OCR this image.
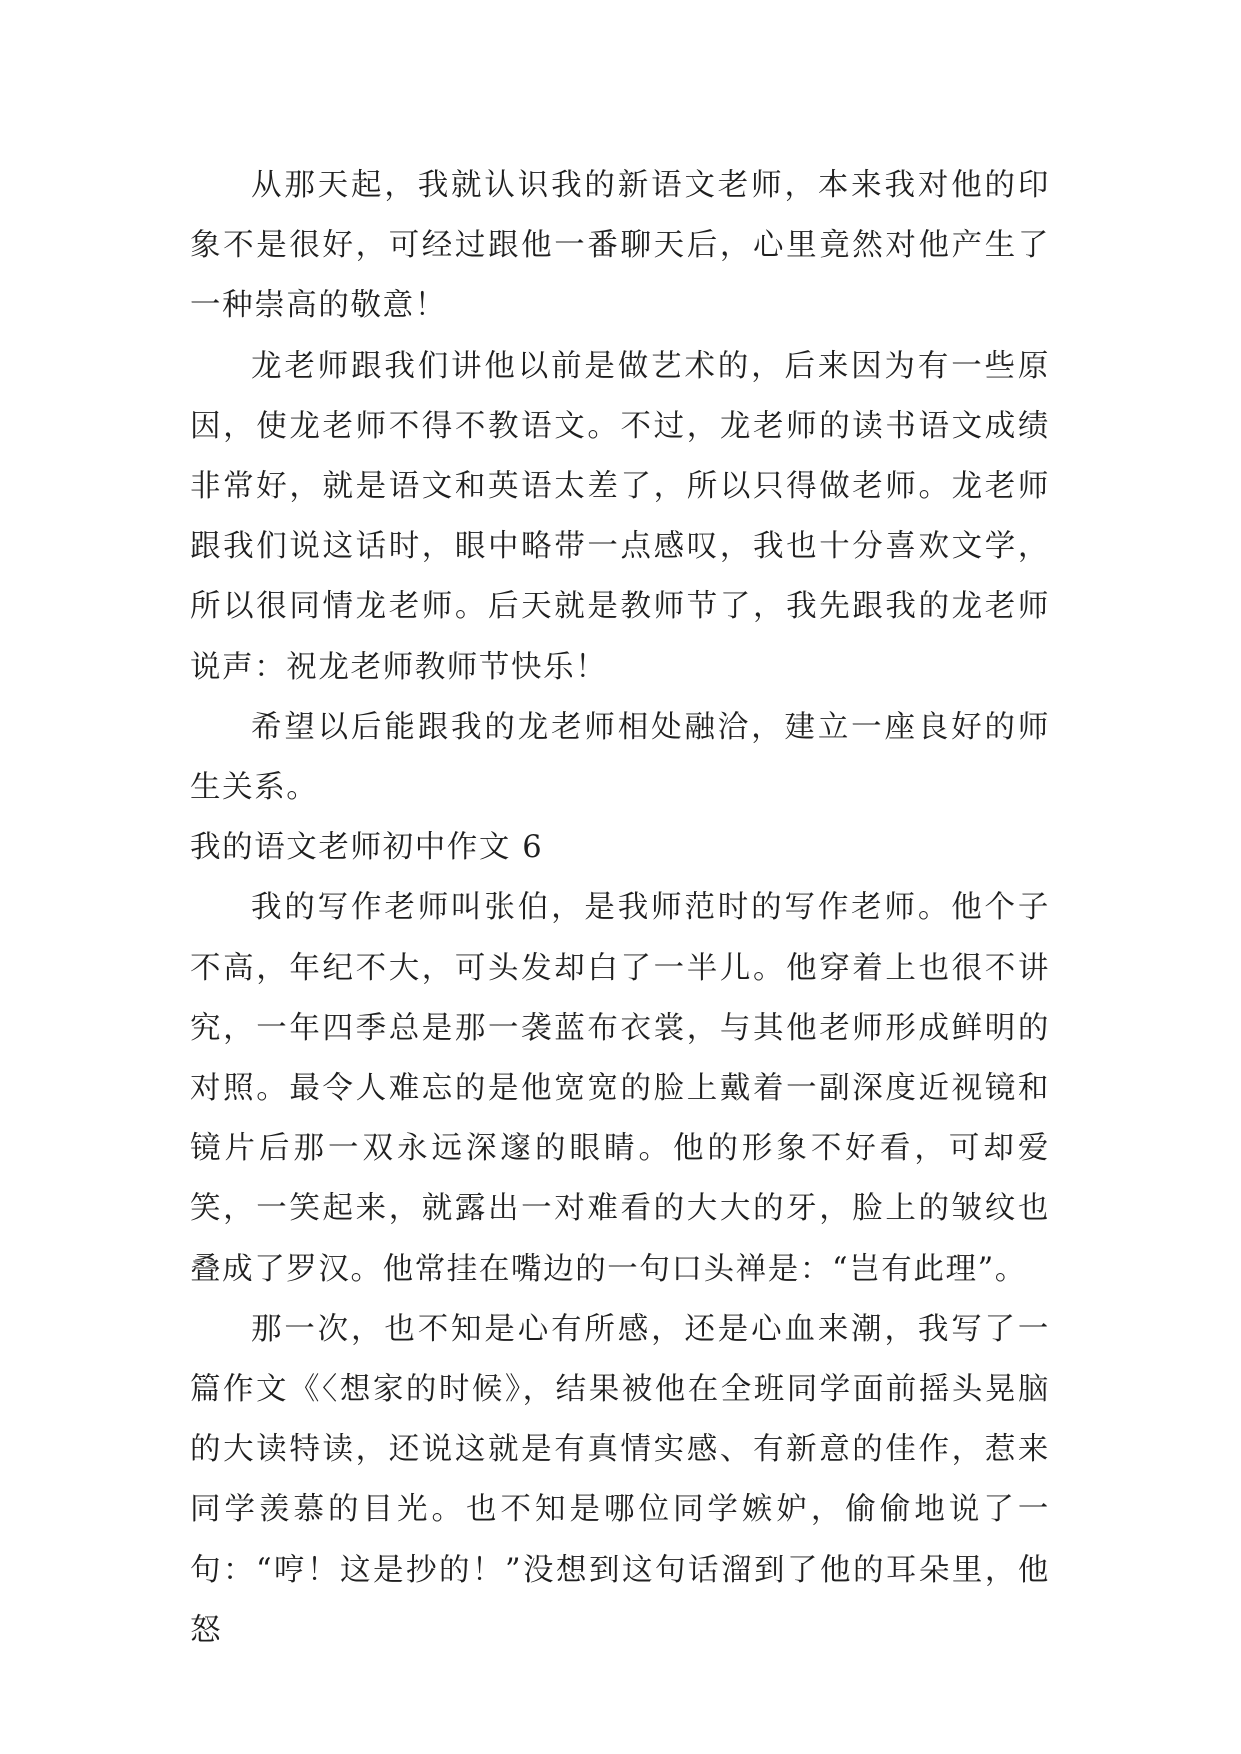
从那天起，我就认识我的新语文老师，本来我对他的印象不是很好，可经过跟他一番聊天后，心里竟然对他产生了一种崇高的敬意！

龙老师跟我们讲他以前是做艺术的，后来因为有一些原因，使龙老师不得不教语文。不过，龙老师的读书语文成绩非常好，就是语文和英语太差了，所以只得做老师。龙老师跟我们说这话时，眼中略带一点感叹，我也十分喜欢文学，所以很同情龙老师。后天就是教师节了，我先跟我的龙老师说声：祝龙老师教师节快乐！

希望以后能跟我的龙老师相处融洽，建立一座良好的师生关系。

我的语文老师初中作文 6

我的写作老师叫张伯，是我师范时的写作老师。他个子不高，年纪不大，可头发却白了一半儿。他穿着上也很不讲究，一年四季总是那一袭蓝布衣裳，与其他老师形成鲜明的对照。最令人难忘的是他宽宽的脸上戴着一副深度近视镜和镜片后那一双永远深邃的眼睛。他的形象不好看，可却爱笑，一笑起来，就露出一对难看的大大的牙，脸上的皱纹也叠成了罗汉。他常挂在嘴边的一句口头禅是：“岂有此理”。

那一次，也不知是心有所感，还是心血来潮，我写了一篇作文《〈想家的时候》，结果被他在全班同学面前摇头晃脑的大读特读，还说这就是有真情实感、有新意的佳作，惹来同学羡慕的目光。也不知是哪位同学嫉妒，偷偷地说了一句：“哼！这是抄的！”没想到这句话溜到了他的耳朵里，他怒
